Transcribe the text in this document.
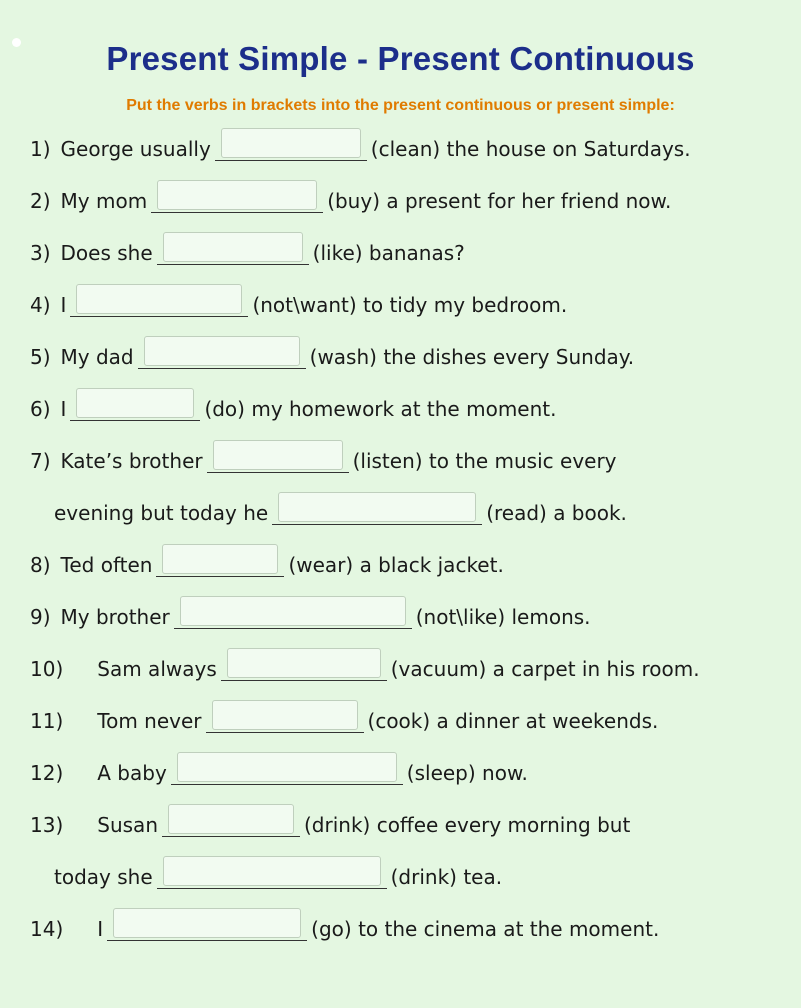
Present Simple - Present Continuous
Put the verbs in brackets into the present continuous or present simple:
1) George usually	(clean) the house on Saturdays.
2) My mom	(buy) a present for her friend now.
3) Does she	(like) bananas?
4) I	(not\want) to tidy my bedroom.
5) My dad	(wash) the dishes every Sunday.
6) I	(do) my homework at the moment.
7) Kate’s brother	(listen) to the music every
evening but today he	(read) a book.
8) Ted often	(wear) a black jacket.
9) My brother	(not\like) lemons.
10) Sam always	(vacuum) a carpet in his room.
11) Tom never	(cook) a dinner at weekends.
12) A baby	(sleep) now.
13) Susan	(drink) coffee every morning but
today she	(drink) tea.
14) I	(go) to the cinema at the moment.
